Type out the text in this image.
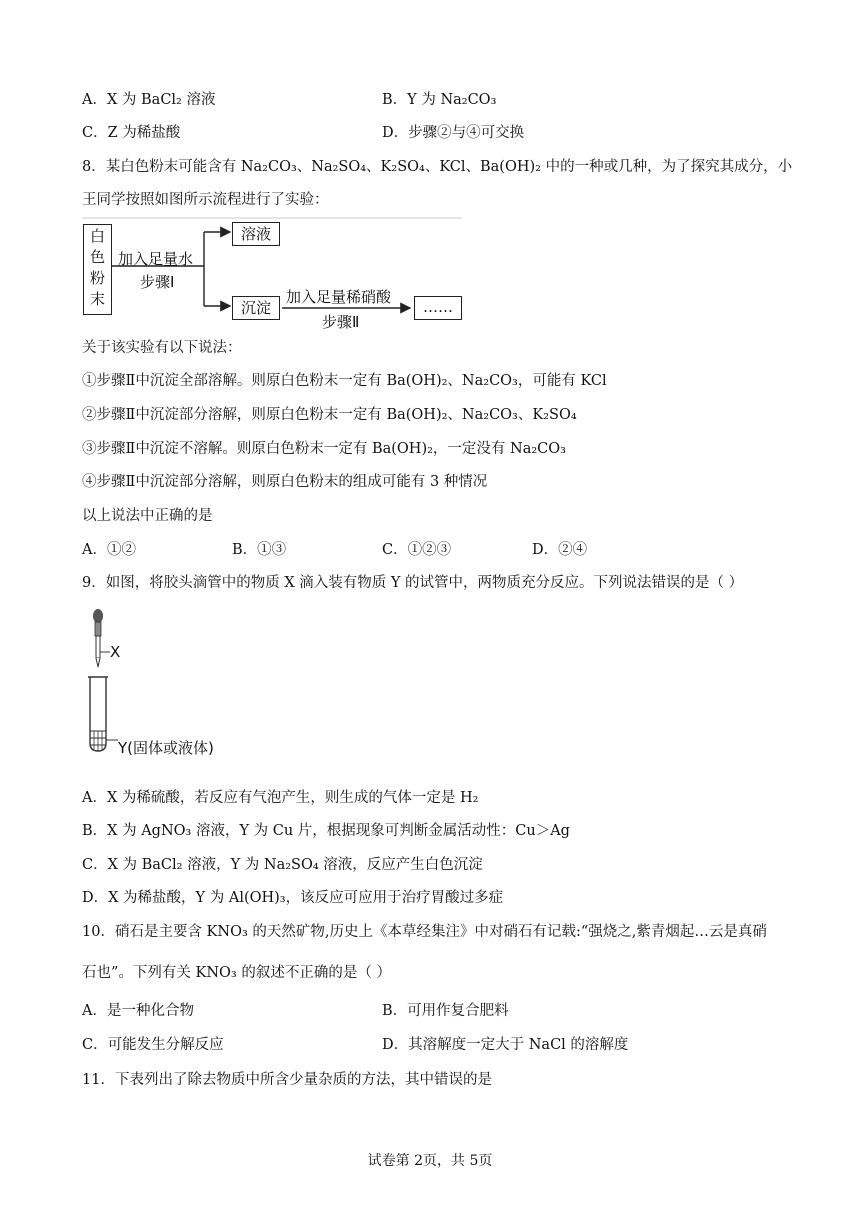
A．X 为 BaCl₂ 溶液	B．Y 为 Na₂CO₃
C．Z 为稀盐酸	D．步骤②与④可交换
8．某白色粉末可能含有 Na₂CO₃、Na₂SO₄、K₂SO₄、KCl、Ba(OH)₂ 中的一种或几种，为了探究其成分，小
王同学按照如图所示流程进行了实验：
白
色
粉
末
加入足量水
步骤Ⅰ
溶液
沉淀
加入足量稀硝酸
步骤Ⅱ
……
关于该实验有以下说法：
①步骤Ⅱ中沉淀全部溶解。则原白色粉末一定有 Ba(OH)₂、Na₂CO₃，可能有 KCl
②步骤Ⅱ中沉淀部分溶解，则原白色粉末一定有 Ba(OH)₂、Na₂CO₃、K₂SO₄
③步骤Ⅱ中沉淀不溶解。则原白色粉末一定有 Ba(OH)₂，一定没有 Na₂CO₃
④步骤Ⅱ中沉淀部分溶解，则原白色粉末的组成可能有 3 种情况
以上说法中正确的是
A．①②	B．①③	C．①②③	D．②④
9．如图，将胶头滴管中的物质 X 滴入装有物质 Y 的试管中，两物质充分反应。下列说法错误的是（ ）
X
Y(固体或液体)
A．X 为稀硫酸，若反应有气泡产生，则生成的气体一定是 H₂
B．X 为 AgNO₃ 溶液，Y 为 Cu 片，根据现象可判断金属活动性：Cu＞Ag
C．X 为 BaCl₂ 溶液，Y 为 Na₂SO₄ 溶液，反应产生白色沉淀
D．X 为稀盐酸，Y 为 Al(OH)₃，该反应可应用于治疗胃酸过多症
10．硝石是主要含 KNO₃ 的天然矿物,历史上《本草经集注》中对硝石有记载:“强烧之,紫青烟起…云是真硝
石也”。下列有关 KNO₃ 的叙述不正确的是（ ）
A．是一种化合物	B．可用作复合肥料
C．可能发生分解反应	D．其溶解度一定大于 NaCl 的溶解度
11．下表列出了除去物质中所含少量杂质的方法，其中错误的是
试卷第 2页，共 5页
